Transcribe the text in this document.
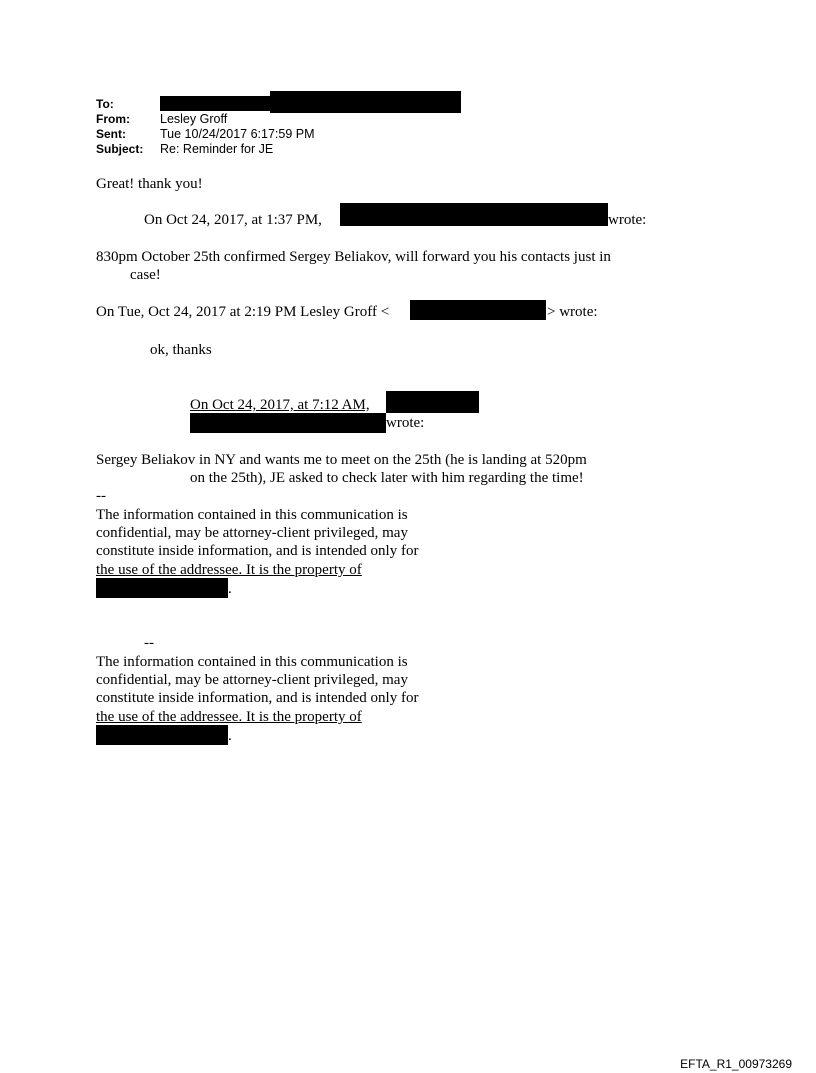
To:
From: Lesley Groff
Sent:	Tue 10/24/2017 6:17:59 PM
Subject: Re: Reminder for JE
Great! thank you!
On Oct 24, 2017, at 1:37 PM,	wrote:
830pm October 25th confirmed Sergey Beliakov, will forward you his contacts just in
case!
On Tue, Oct 24, 2017 at 2:19 PM Lesley Groff <	> wrote:
ok, thanks
On Oct 24, 2017, at 7:12 AM,
wrote:
Sergey Beliakov in NY and wants me to meet on the 25th (he is landing at 520pm
on the 25th), JE asked to check later with him regarding the time!
--
The information contained in this communication is
confidential, may be attorney-client privileged, may
constitute inside information, and is intended only for
the use of the addressee. It is the property of
.
--
The information contained in this communication is
confidential, may be attorney-client privileged, may
constitute inside information, and is intended only for
the use of the addressee. It is the property of
.
EFTA_R1_00973269
